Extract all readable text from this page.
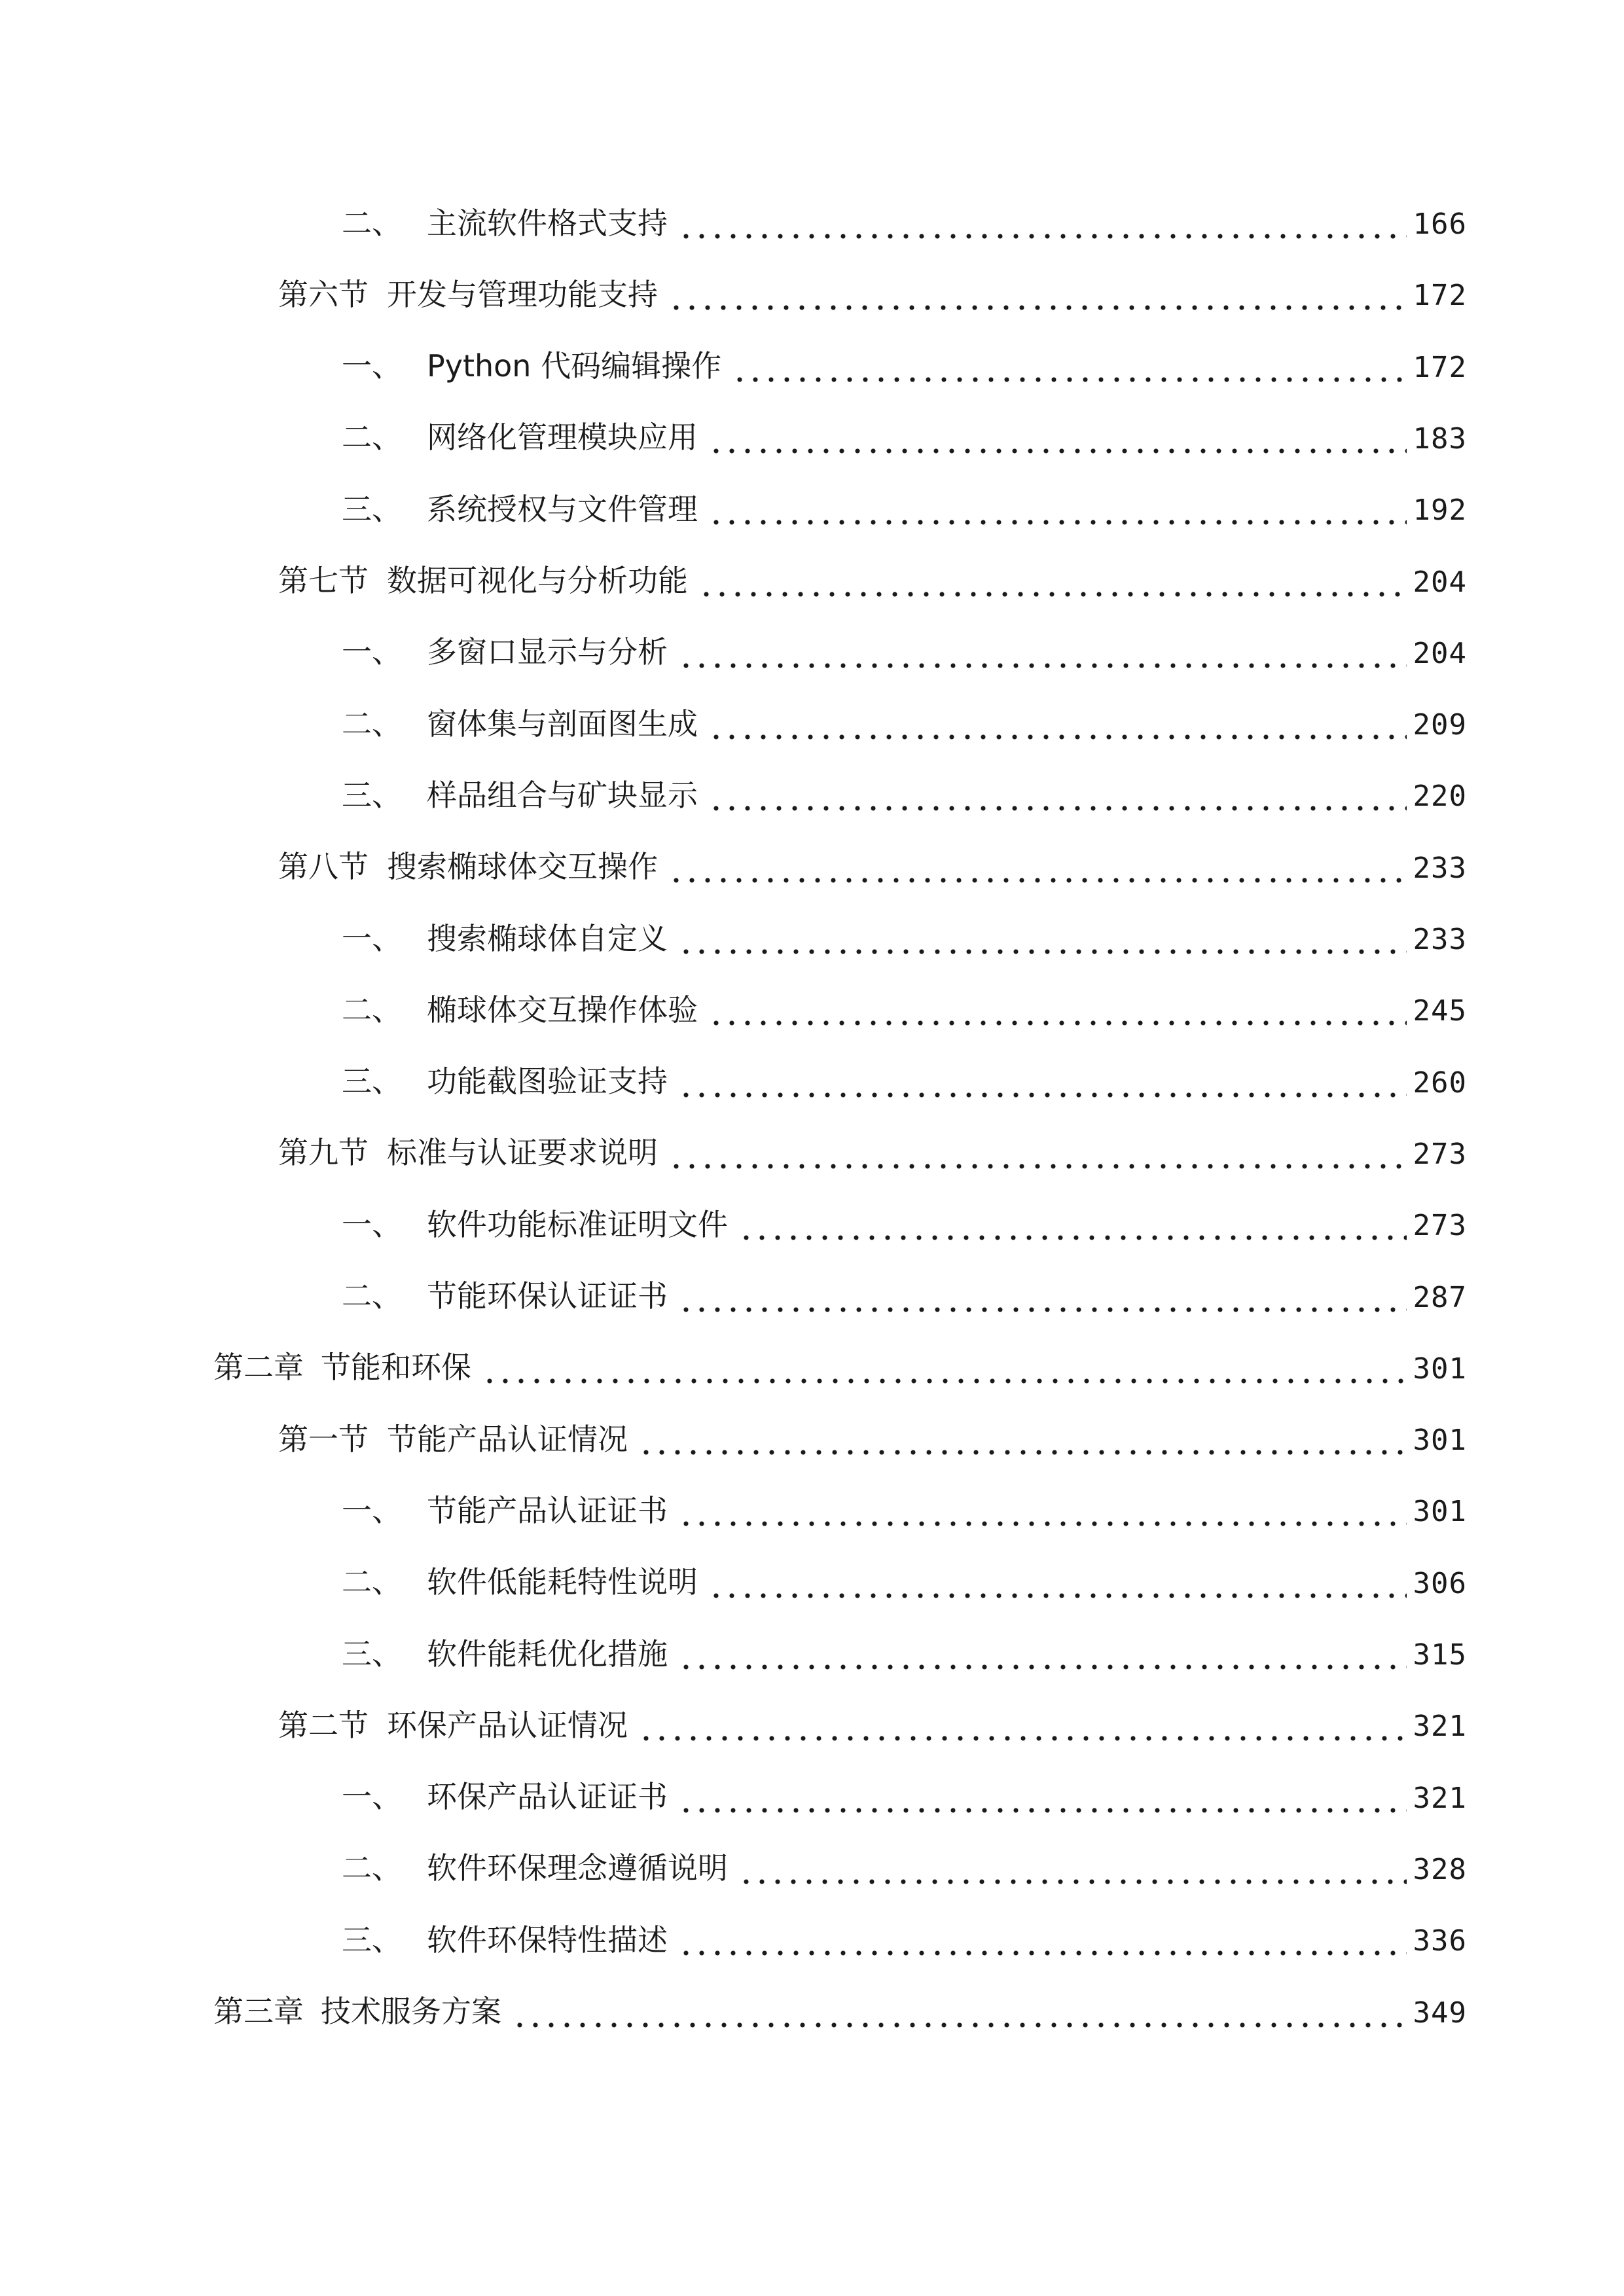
二、 主流软件格式支持	166
第六节 开发与管理功能支持	172
一、 Python 代码编辑操作	172
二、 网络化管理模块应用	183
三、 系统授权与文件管理	192
第七节 数据可视化与分析功能	204
一、 多窗口显示与分析	204
二、 窗体集与剖面图生成	209
三、 样品组合与矿块显示	220
第八节 搜索椭球体交互操作	233
一、 搜索椭球体自定义	233
二、 椭球体交互操作体验	245
三、 功能截图验证支持	260
第九节 标准与认证要求说明	273
一、 软件功能标准证明文件	273
二、 节能环保认证证书	287
第二章 节能和环保	301
第一节 节能产品认证情况	301
一、 节能产品认证证书	301
二、 软件低能耗特性说明	306
三、 软件能耗优化措施	315
第二节 环保产品认证情况	321
一、 环保产品认证证书	321
二、 软件环保理念遵循说明	328
三、 软件环保特性描述	336
第三章 技术服务方案	349
